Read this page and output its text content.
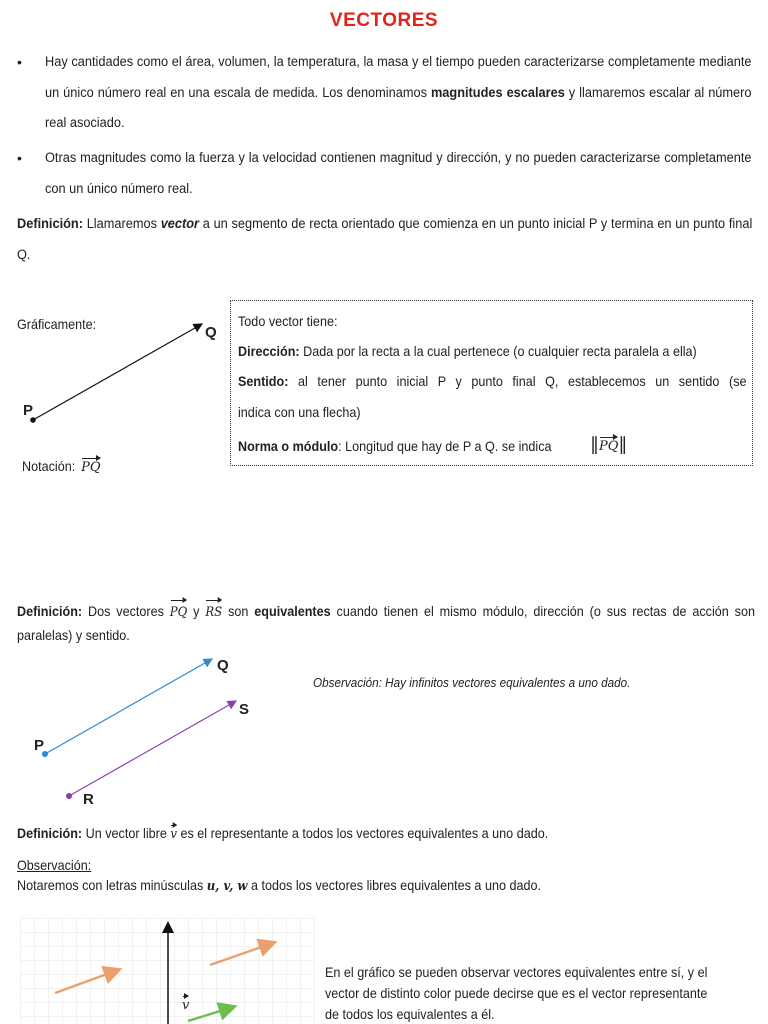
VECTORES
• Hay cantidades como el área, volumen, la temperatura, la masa y el tiempo pueden caracterizarse completamente mediante un único número real en una escala de medida. Los denominamos magnitudes escalares y llamaremos escalar al número real asociado.
• Otras magnitudes como la fuerza y la velocidad contienen magnitud y dirección, y no pueden caracterizarse completamente con un único número real.
Definición: Llamaremos vector a un segmento de recta orientado que comienza en un punto inicial P y termina en un punto final Q.
Gráficamente:
P
Q
Notación:PQ
Todo vector tiene:
Dirección: Dada por la recta a la cual pertenece (o cualquier recta paralela a ella)
Sentido: al tener punto inicial P y punto final Q, establecemos un sentido (se
indica con una flecha)
Norma o módulo: Longitud que hay de P a Q. se indica ‖PQ‖
Definición: Dos vectores PQ y RS son equivalentes cuando tienen el mismo módulo, dirección (o sus rectas de acción son paralelas) y sentido.
P
Q
R
S
Observación: Hay infinitos vectores equivalentes a uno dado.
Definición: Un vector libre v es el representante a todos los vectores equivalentes a uno dado.
Observación:
Notaremos con letras minúsculas u, v, w a todos los vectores libres equivalentes a uno dado.
v
En el gráfico se pueden observar vectores equivalentes entre sí, y el vector de distinto color puede decirse que es el vector representante de todos los equivalentes a él.
